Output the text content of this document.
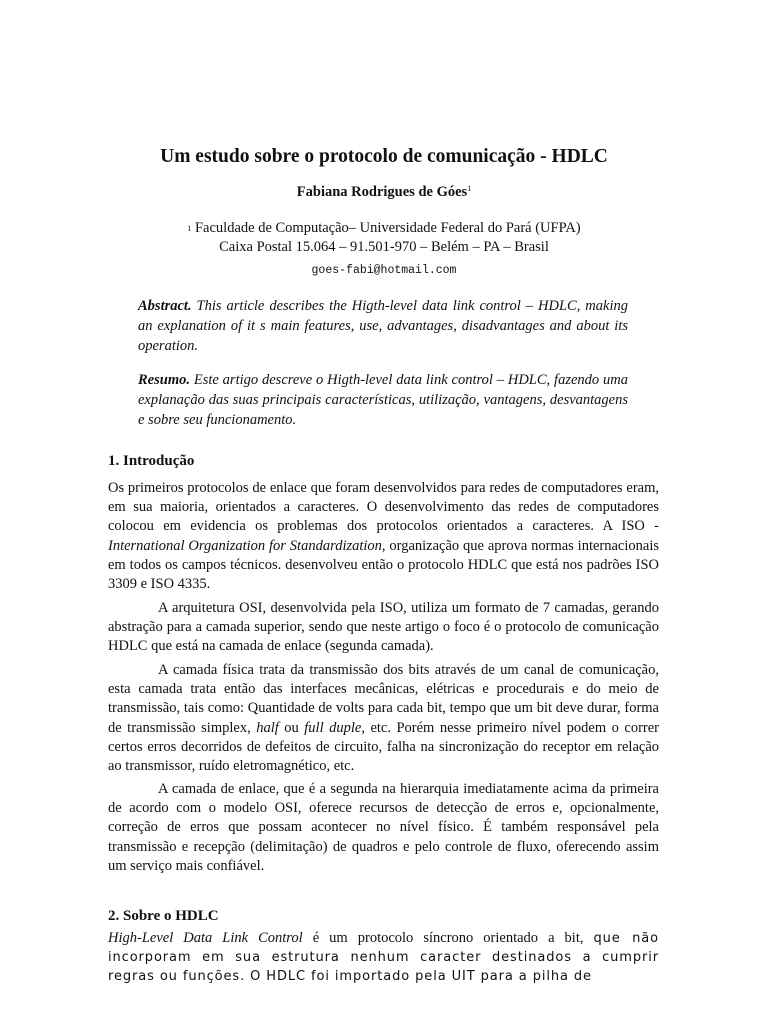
Um estudo sobre o protocolo de comunicação - HDLC
Fabiana Rodrigues de Góes$^1$
$^1$ Faculdade de Computação– Universidade Federal do Pará (UFPA)
Caixa Postal 15.064 – 91.501-970 – Belém – PA – Brasil
goes-fabi@hotmail.com
Abstract. This article describes the Higth-level data link control – HDLC, making an explanation of it s main features, use, advantages, disadvantages and about its operation.
Resumo. Este artigo descreve o Higth-level data link control – HDLC, fazendo uma explanação das suas principais características, utilização, vantagens, desvantagens e sobre seu funcionamento.
1. Introdução
Os primeiros protocolos de enlace que foram desenvolvidos para redes de computadores eram, em sua maioria, orientados a caracteres. O desenvolvimento das redes de computadores colocou em evidencia os problemas dos protocolos orientados a caracteres. A ISO - International Organization for Standardization, organização que aprova normas internacionais em todos os campos técnicos. desenvolveu então o protocolo HDLC que está nos padrões ISO 3309 e ISO 4335.
A arquitetura OSI, desenvolvida pela ISO, utiliza um formato de 7 camadas, gerando abstração para a camada superior, sendo que neste artigo o foco é o protocolo de comunicação HDLC que está na camada de enlace (segunda camada).
A camada física trata da transmissão dos bits através de um canal de comunicação, esta camada trata então das interfaces mecânicas, elétricas e procedurais e do meio de transmissão, tais como: Quantidade de volts para cada bit, tempo que um bit deve durar, forma de transmissão simplex, half ou full duple, etc. Porém nesse primeiro nível podem o correr certos erros decorridos de defeitos de circuito, falha na sincronização do receptor em relação ao transmissor, ruído eletromagnético, etc.
A camada de enlace, que é a segunda na hierarquia imediatamente acima da primeira de acordo com o modelo OSI, oferece recursos de detecção de erros e, opcionalmente, correção de erros que possam acontecer no nível físico. É também responsável pela transmissão e recepção (delimitação) de quadros e pelo controle de fluxo, oferecendo assim um serviço mais confiável.
2. Sobre o HDLC
High-Level Data Link Control é um protocolo síncrono orientado a bit, que não incorporam em sua estrutura nenhum caracter destinados a cumprir regras ou funções. O HDLC foi importado pela UIT para a pilha de
